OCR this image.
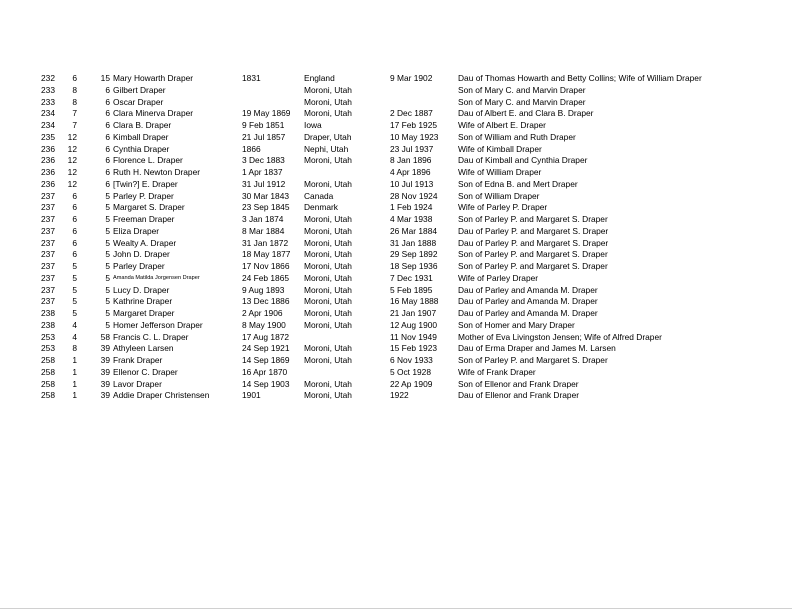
232	6	15	Mary Howarth Draper	1831	England	9 Mar 1902	Dau of Thomas Howarth and Betty Collins; Wife of William Draper
233	8	6	Gilbert Draper		Moroni, Utah		Son of Mary C. and Marvin Draper
233	8	6	Oscar Draper		Moroni, Utah		Son of Mary C. and Marvin Draper
234	7	6	Clara Minerva Draper	19 May 1869	Moroni, Utah	2 Dec 1887	Dau of Albert E. and Clara B. Draper
234	7	6	Clara B. Draper	9 Feb 1851	Iowa	17 Feb 1925	Wife of Albert E. Draper
235	12	6	Kimball Draper	21 Jul 1857	Draper, Utah	10 May 1923	Son of William and Ruth Draper
236	12	6	Cynthia Draper	1866	Nephi, Utah	23 Jul 1937	Wife of Kimball Draper
236	12	6	Florence L. Draper	3 Dec 1883	Moroni, Utah	8 Jan 1896	Dau of Kimball and Cynthia Draper
236	12	6	Ruth H. Newton Draper	1 Apr 1837		4 Apr 1896	Wife of William Draper
236	12	6	[Twin?] E. Draper	31 Jul 1912	Moroni, Utah	10 Jul 1913	Son of Edna B. and Mert Draper
237	6	5	Parley P. Draper	30 Mar 1843	Canada	28 Nov 1924	Son of William Draper
237	6	5	Margaret S. Draper	23 Sep 1845	Denmark	1 Feb 1924	Wife of Parley P. Draper
237	6	5	Freeman Draper	3 Jan 1874	Moroni, Utah	4 Mar 1938	Son of Parley P. and Margaret S. Draper
237	6	5	Eliza Draper	8 Mar 1884	Moroni, Utah	26 Mar 1884	Dau of Parley P. and Margaret S. Draper
237	6	5	Wealty A. Draper	31 Jan 1872	Moroni, Utah	31 Jan 1888	Dau of Parley P. and Margaret S. Draper
237	6	5	John D. Draper	18 May 1877	Moroni, Utah	29 Sep 1892	Son of Parley P. and Margaret S. Draper
237	5	5	Parley Draper	17 Nov 1866	Moroni, Utah	18 Sep 1936	Son of Parley P. and Margaret S. Draper
237	5	5	Amanda Matilda Jorgensen Draper	24 Feb 1865	Moroni, Utah	7 Dec 1931	Wife of Parley Draper
237	5	5	Lucy D. Draper	9 Aug 1893	Moroni, Utah	5 Feb 1895	Dau of Parley and Amanda M. Draper
237	5	5	Kathrine Draper	13 Dec 1886	Moroni, Utah	16 May 1888	Dau of Parley and Amanda M. Draper
238	5	5	Margaret Draper	2 Apr 1906	Moroni, Utah	21 Jan 1907	Dau of Parley and Amanda M. Draper
238	4	5	Homer Jefferson Draper	8 May 1900	Moroni, Utah	12 Aug 1900	Son of Homer and Mary Draper
253	4	58	Francis C. L. Draper	17 Aug 1872		11 Nov 1949	Mother of Eva Livingston Jensen; Wife of Alfred Draper
253	8	39	Athyleen Larsen	24 Sep 1921	Moroni, Utah	15 Feb 1923	Dau of Erma Draper and James M. Larsen
258	1	39	Frank Draper	14 Sep 1869	Moroni, Utah	6 Nov 1933	Son of Parley P. and Margaret S. Draper
258	1	39	Ellenor C. Draper	16 Apr 1870		5 Oct 1928	Wife of Frank Draper
258	1	39	Lavor Draper	14 Sep 1903	Moroni, Utah	22 Ap 1909	Son of Ellenor and Frank Draper
258	1	39	Addie Draper Christensen	1901	Moroni, Utah	1922	Dau of Ellenor and Frank Draper
